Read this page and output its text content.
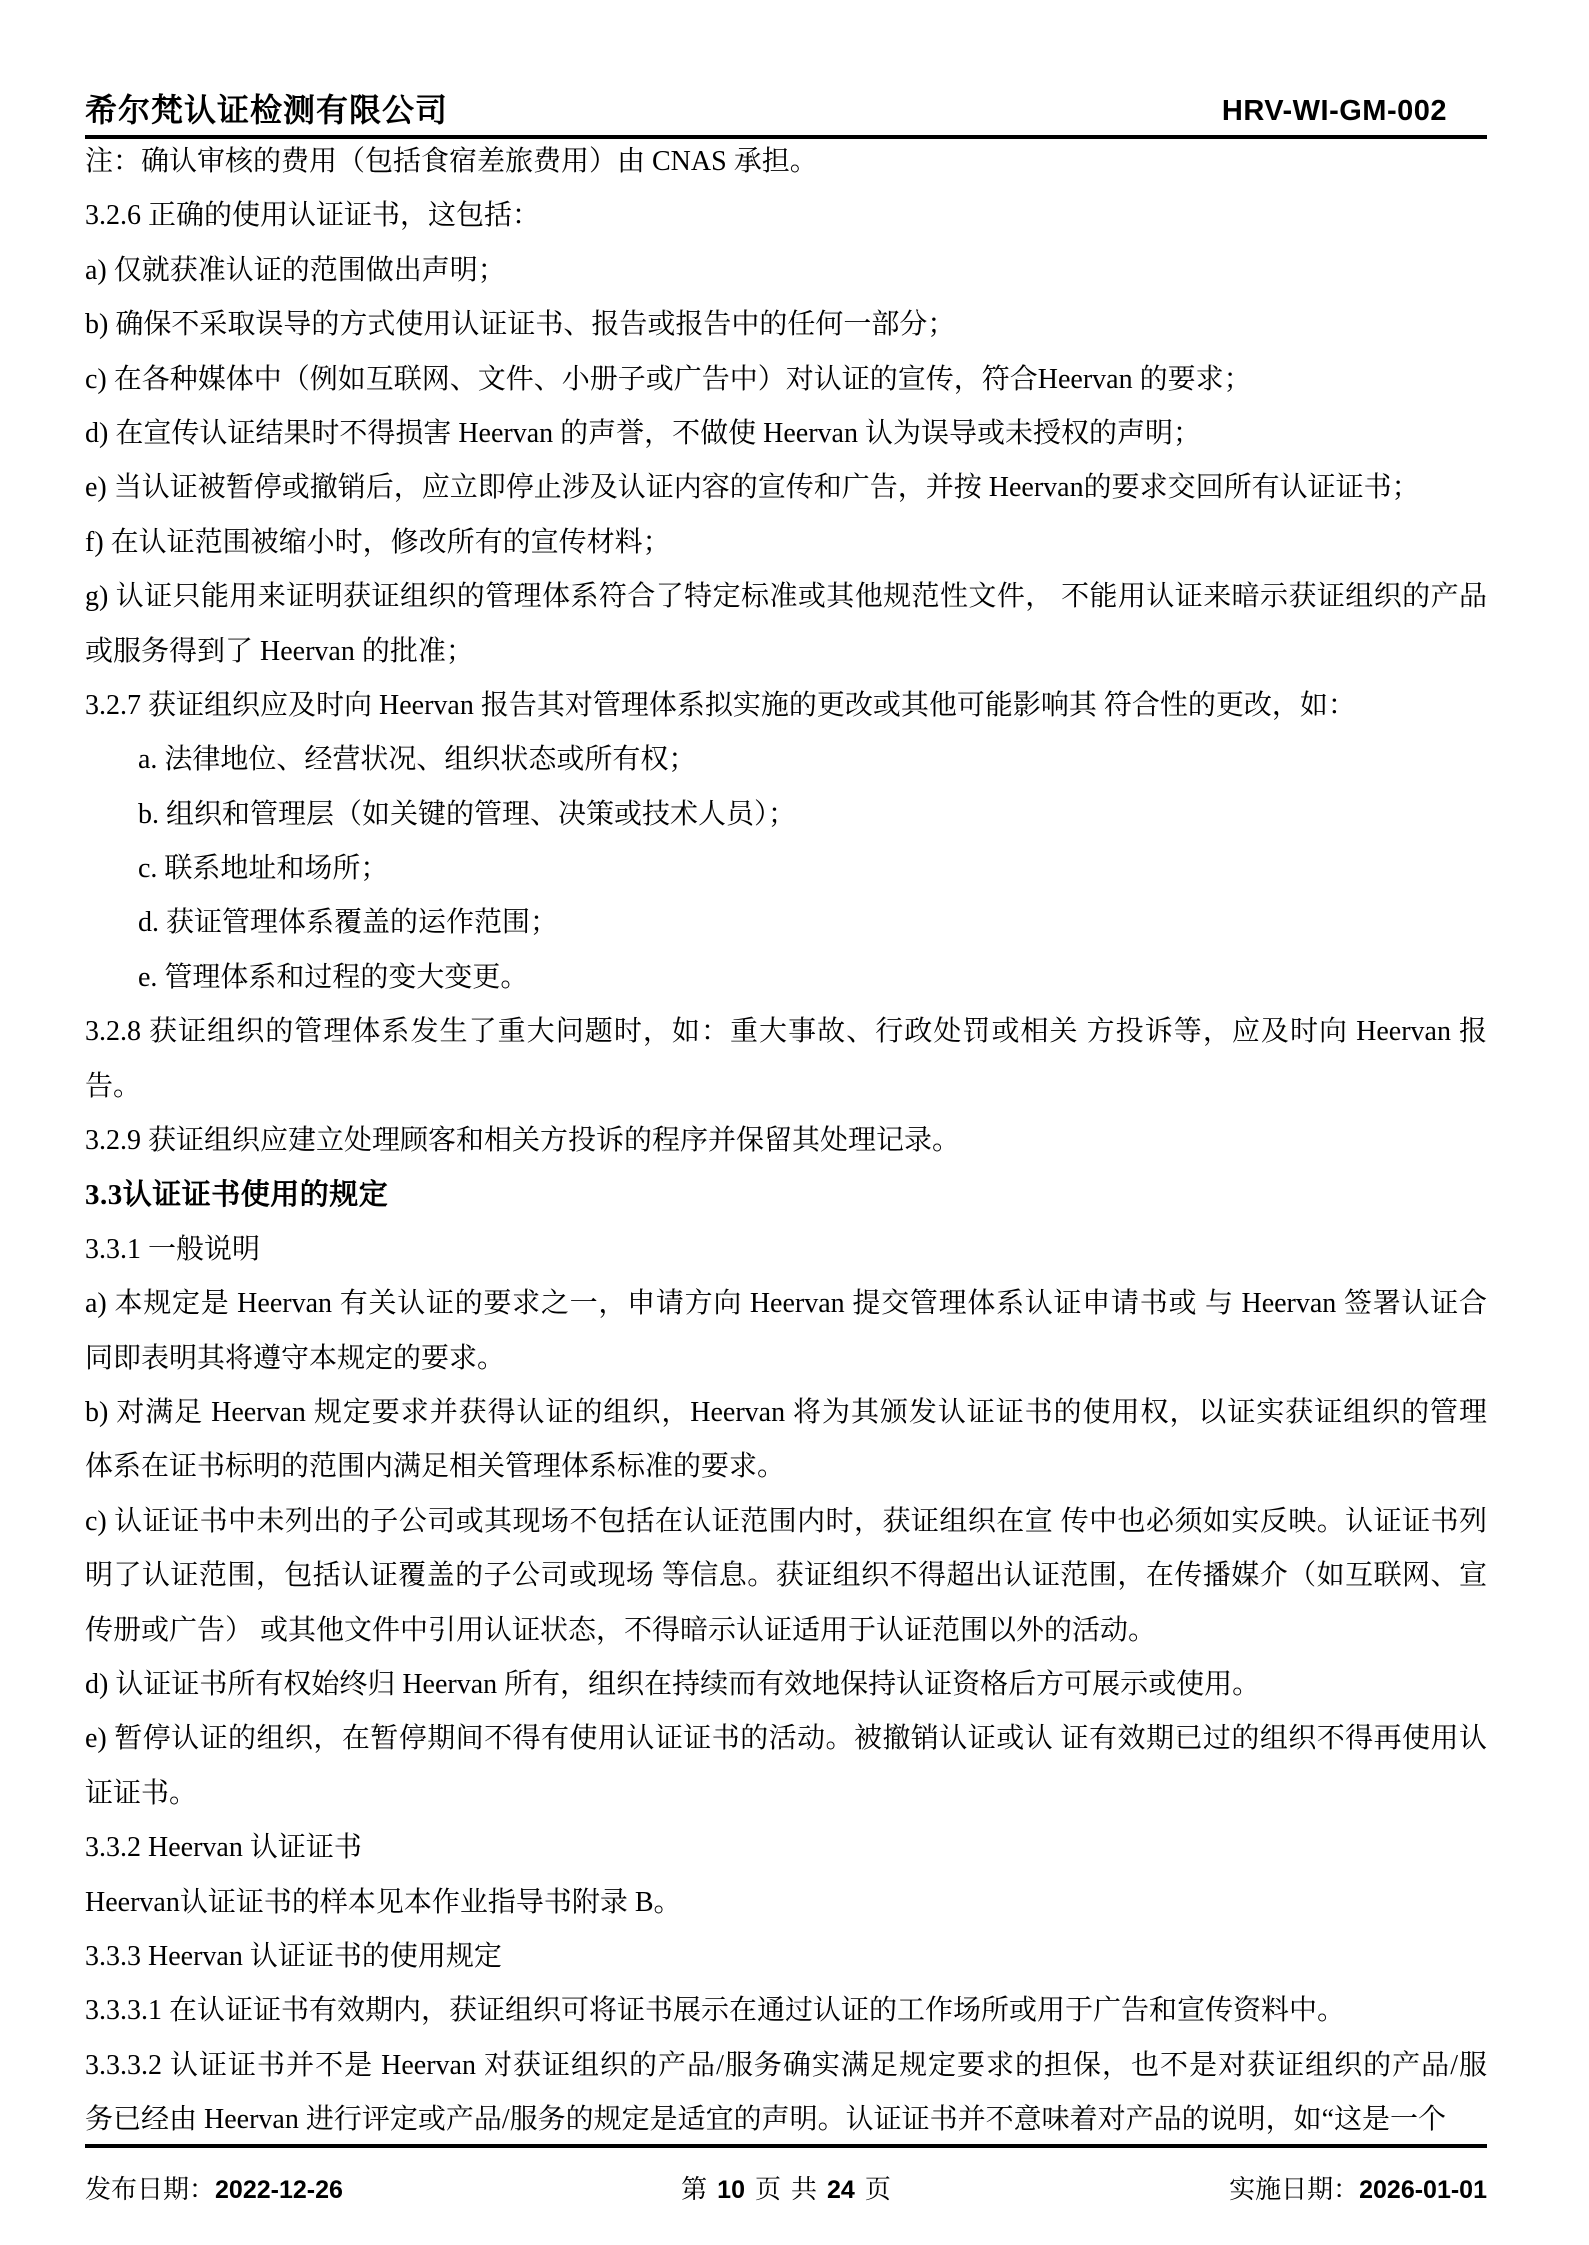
希尔梵认证检测有限公司	HRV-WI-GM-002
注：确认审核的费用（包括食宿差旅费用）由 CNAS 承担。
3.2.6 正确的使用认证证书，这包括：
a) 仅就获准认证的范围做出声明；
b) 确保不采取误导的方式使用认证证书、报告或报告中的任何一部分；
c) 在各种媒体中（例如互联网、文件、小册子或广告中）对认证的宣传，符合Heervan 的要求；
d) 在宣传认证结果时不得损害 Heervan 的声誉，不做使 Heervan 认为误导或未授权的声明；
e) 当认证被暂停或撤销后，应立即停止涉及认证内容的宣传和广告，并按 Heervan的要求交回所有认证证书；
f) 在认证范围被缩小时，修改所有的宣传材料；
g) 认证只能用来证明获证组织的管理体系符合了特定标准或其他规范性文件， 不能用认证来暗示获证组织的产品
或服务得到了 Heervan 的批准；
3.2.7 获证组织应及时向 Heervan 报告其对管理体系拟实施的更改或其他可能影响其 符合性的更改，如：
a. 法律地位、经营状况、组织状态或所有权；
b. 组织和管理层（如关键的管理、决策或技术人员）；
c. 联系地址和场所；
d. 获证管理体系覆盖的运作范围；
e. 管理体系和过程的变大变更。
3.2.8 获证组织的管理体系发生了重大问题时，如：重大事故、行政处罚或相关 方投诉等，应及时向 Heervan 报
告。
3.2.9 获证组织应建立处理顾客和相关方投诉的程序并保留其处理记录。
3.3认证证书使用的规定
3.3.1 一般说明
a) 本规定是 Heervan 有关认证的要求之一，申请方向 Heervan 提交管理体系认证申请书或 与 Heervan 签署认证合
同即表明其将遵守本规定的要求。
b) 对满足 Heervan 规定要求并获得认证的组织，Heervan 将为其颁发认证证书的使用权，以证实获证组织的管理
体系在证书标明的范围内满足相关管理体系标准的要求。
c) 认证证书中未列出的子公司或其现场不包括在认证范围内时，获证组织在宣 传中也必须如实反映。认证证书列
明了认证范围，包括认证覆盖的子公司或现场 等信息。获证组织不得超出认证范围，在传播媒介（如互联网、宣
传册或广告） 或其他文件中引用认证状态，不得暗示认证适用于认证范围以外的活动。
d) 认证证书所有权始终归 Heervan 所有，组织在持续而有效地保持认证资格后方可展示或使用。
e) 暂停认证的组织，在暂停期间不得有使用认证证书的活动。被撤销认证或认 证有效期已过的组织不得再使用认
证证书。
3.3.2 Heervan 认证证书
Heervan认证证书的样本见本作业指导书附录 B。
3.3.3 Heervan 认证证书的使用规定
3.3.3.1 在认证证书有效期内，获证组织可将证书展示在通过认证的工作场所或用于广告和宣传资料中。
3.3.3.2 认证证书并不是 Heervan 对获证组织的产品/服务确实满足规定要求的担保，也不是对获证组织的产品/服
务已经由 Heervan 进行评定或产品/服务的规定是适宜的声明。认证证书并不意味着对产品的说明，如“这是一个
发布日期：2022-12-26	第 10 页 共 24 页	实施日期：2026-01-01
